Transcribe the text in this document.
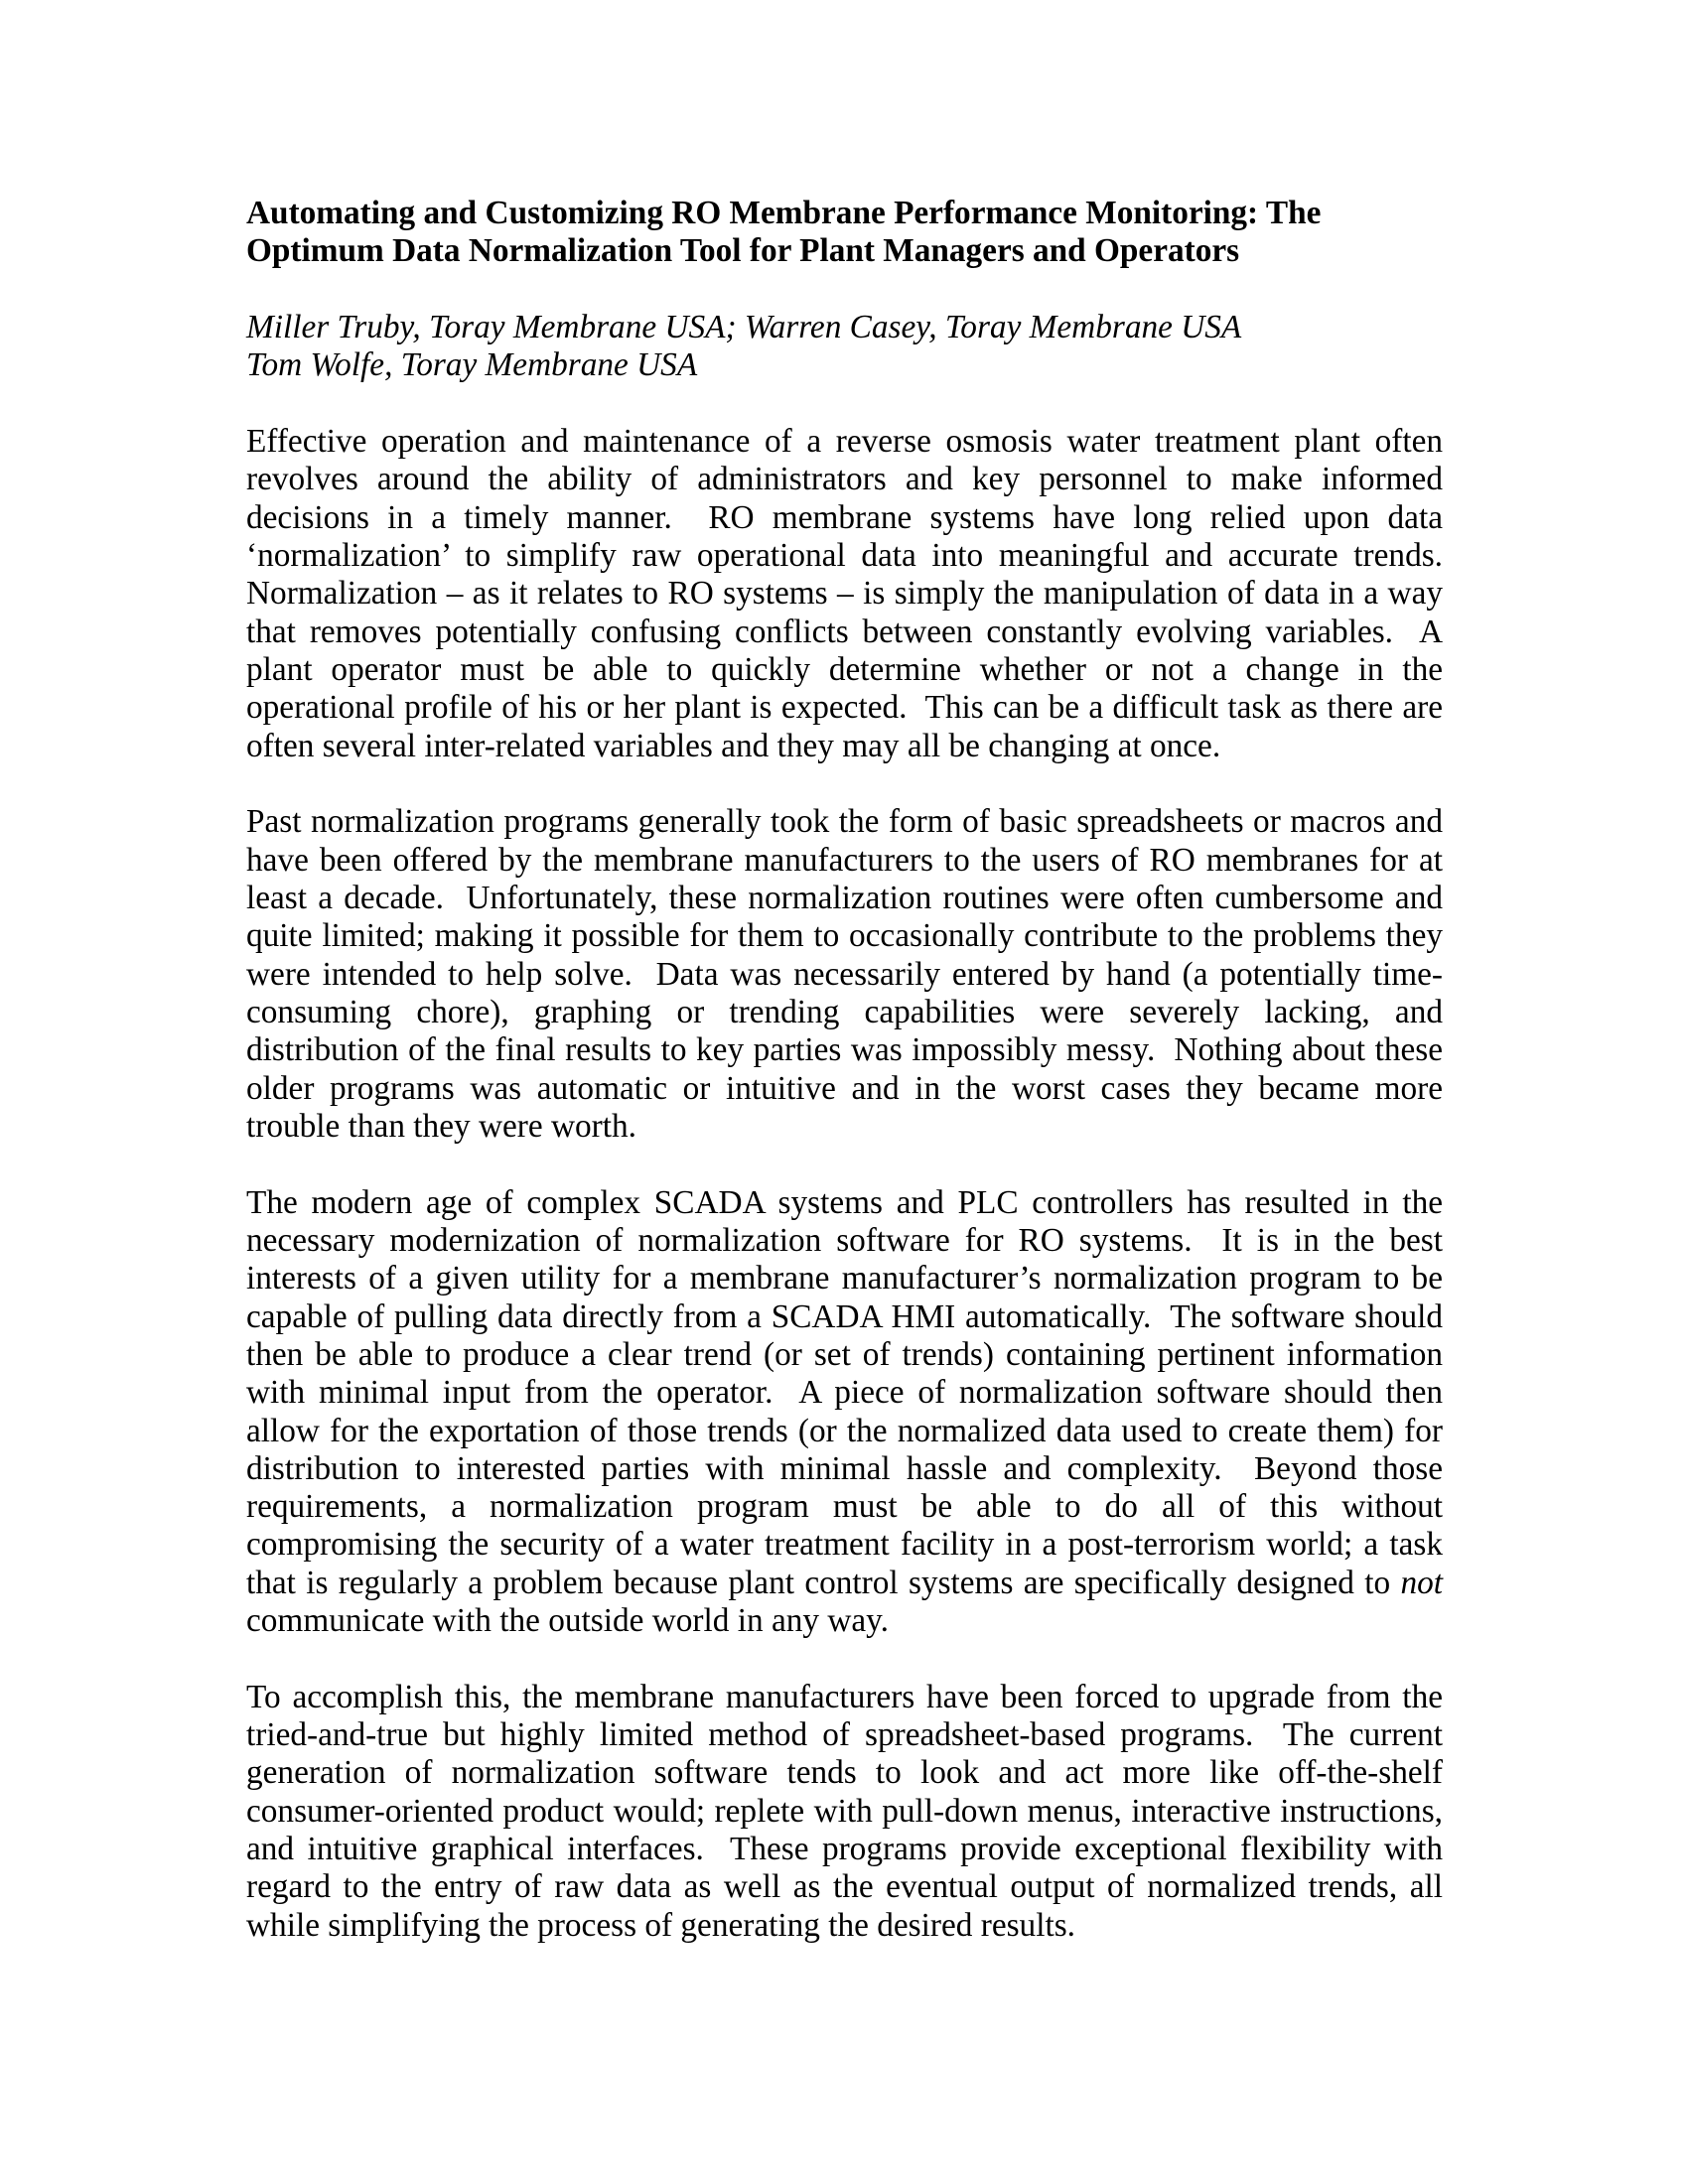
Automating and Customizing RO Membrane Performance Monitoring: The
Optimum Data Normalization Tool for Plant Managers and Operators
Miller Truby, Toray Membrane USA; Warren Casey, Toray Membrane USA
Tom Wolfe, Toray Membrane USA

Effective operation and maintenance of a reverse osmosis water treatment plant often revolves around the ability of administrators and key personnel to make informed decisions in a timely manner.  RO membrane systems have long relied upon data ‘normalization’ to simplify raw operational data into meaningful and accurate trends.  Normalization – as it relates to RO systems – is simply the manipulation of data in a way that removes potentially confusing conflicts between constantly evolving variables.  A plant operator must be able to quickly determine whether or not a change in the operational profile of his or her plant is expected.  This can be a difficult task as there are often several inter-related variables and they may all be changing at once.

Past normalization programs generally took the form of basic spreadsheets or macros and have been offered by the membrane manufacturers to the users of RO membranes for at least a decade.  Unfortunately, these normalization routines were often cumbersome and quite limited; making it possible for them to occasionally contribute to the problems they were intended to help solve.  Data was necessarily entered by hand (a potentially time-consuming chore), graphing or trending capabilities were severely lacking, and distribution of the final results to key parties was impossibly messy.  Nothing about these older programs was automatic or intuitive and in the worst cases they became more trouble than they were worth.

The modern age of complex SCADA systems and PLC controllers has resulted in the necessary modernization of normalization software for RO systems.  It is in the best interests of a given utility for a membrane manufacturer’s normalization program to be capable of pulling data directly from a SCADA HMI automatically.  The software should then be able to produce a clear trend (or set of trends) containing pertinent information with minimal input from the operator.  A piece of normalization software should then allow for the exportation of those trends (or the normalized data used to create them) for distribution to interested parties with minimal hassle and complexity.  Beyond those requirements, a normalization program must be able to do all of this without compromising the security of a water treatment facility in a post-terrorism world; a task that is regularly a problem because plant control systems are specifically designed to not communicate with the outside world in any way.

To accomplish this, the membrane manufacturers have been forced to upgrade from the tried-and-true but highly limited method of spreadsheet-based programs.  The current generation of normalization software tends to look and act more like off-the-shelf consumer-oriented product would; replete with pull-down menus, interactive instructions, and intuitive graphical interfaces.  These programs provide exceptional flexibility with regard to the entry of raw data as well as the eventual output of normalized trends, all while simplifying the process of generating the desired results.
